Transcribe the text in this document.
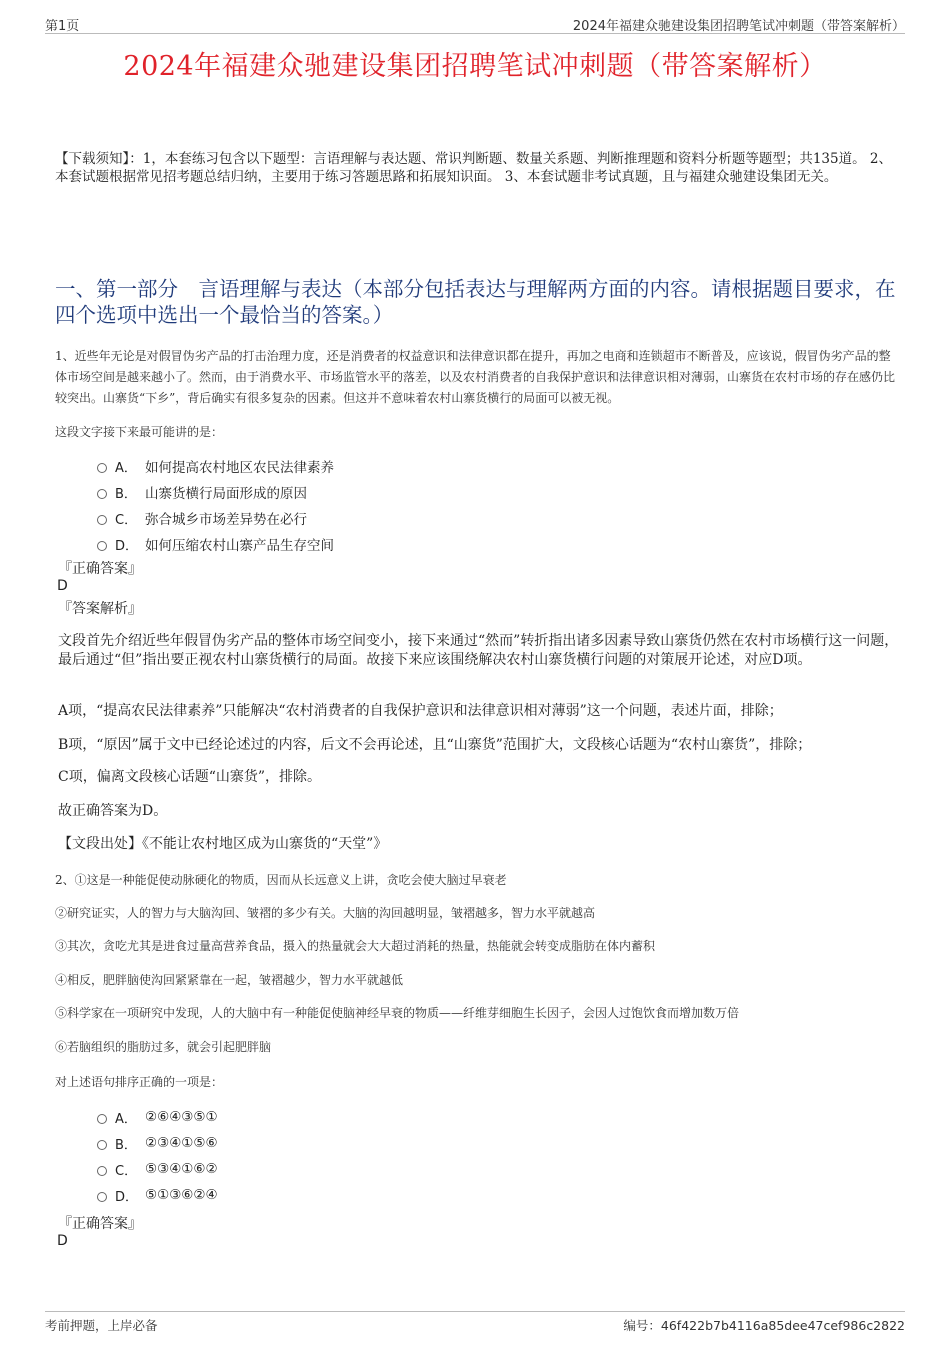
第1页	2024年福建众驰建设集团招聘笔试冲刺题（带答案解析）
2024年福建众驰建设集团招聘笔试冲刺题（带答案解析）
【下载须知】：1，本套练习包含以下题型：言语理解与表达题、常识判断题、数量关系题、判断推理题和资料分析题等题型；共135道。 2、本套试题根据常见招考题总结归纳，主要用于练习答题思路和拓展知识面。 3、本套试题非考试真题，且与福建众驰建设集团无关。
一、第一部分　言语理解与表达（本部分包括表达与理解两方面的内容。请根据题目要求，在四个选项中选出一个最恰当的答案。）
1、近些年无论是对假冒伪劣产品的打击治理力度，还是消费者的权益意识和法律意识都在提升，再加之电商和连锁超市不断普及，应该说，假冒伪劣产品的整体市场空间是越来越小了。然而，由于消费水平、市场监管水平的落差，以及农村消费者的自我保护意识和法律意识相对薄弱，山寨货在农村市场的存在感仍比较突出。山寨货“下乡”，背后确实有很多复杂的因素。但这并不意味着农村山寨货横行的局面可以被无视。
这段文字接下来最可能讲的是：
A． 如何提高农村地区农民法律素养
B． 山寨货横行局面形成的原因
C． 弥合城乡市场差异势在必行
D． 如何压缩农村山寨产品生存空间
『正确答案』
D
『答案解析』
文段首先介绍近些年假冒伪劣产品的整体市场空间变小，接下来通过“然而”转折指出诸多因素导致山寨货仍然在农村市场横行这一问题，最后通过“但”指出要正视农村山寨货横行的局面。故接下来应该围绕解决农村山寨货横行问题的对策展开论述，对应D项。
A项，“提高农民法律素养”只能解决“农村消费者的自我保护意识和法律意识相对薄弱”这一个问题，表述片面，排除；
B项，“原因”属于文中已经论述过的内容，后文不会再论述，且“山寨货”范围扩大，文段核心话题为“农村山寨货”，排除；
C项，偏离文段核心话题“山寨货”，排除。
故正确答案为D。
【文段出处】《不能让农村地区成为山寨货的“天堂”》
2、①这是一种能促使动脉硬化的物质，因而从长远意义上讲，贪吃会使大脑过早衰老
②研究证实，人的智力与大脑沟回、皱褶的多少有关。大脑的沟回越明显，皱褶越多，智力水平就越高
③其次，贪吃尤其是进食过量高营养食品，摄入的热量就会大大超过消耗的热量，热能就会转变成脂肪在体内蓄积
④相反，肥胖脑使沟回紧紧靠在一起，皱褶越少，智力水平就越低
⑤科学家在一项研究中发现，人的大脑中有一种能促使脑神经早衰的物质——纤维芽细胞生长因子，会因人过饱饮食而增加数万倍
⑥若脑组织的脂肪过多，就会引起肥胖脑
对上述语句排序正确的一项是：
A． ②⑥④③⑤①
B． ②③④①⑤⑥
C． ⑤③④①⑥②
D． ⑤①③⑥②④
『正确答案』
D
考前押题，上岸必备	编号：46f422b7b4116a85dee47cef986c2822
